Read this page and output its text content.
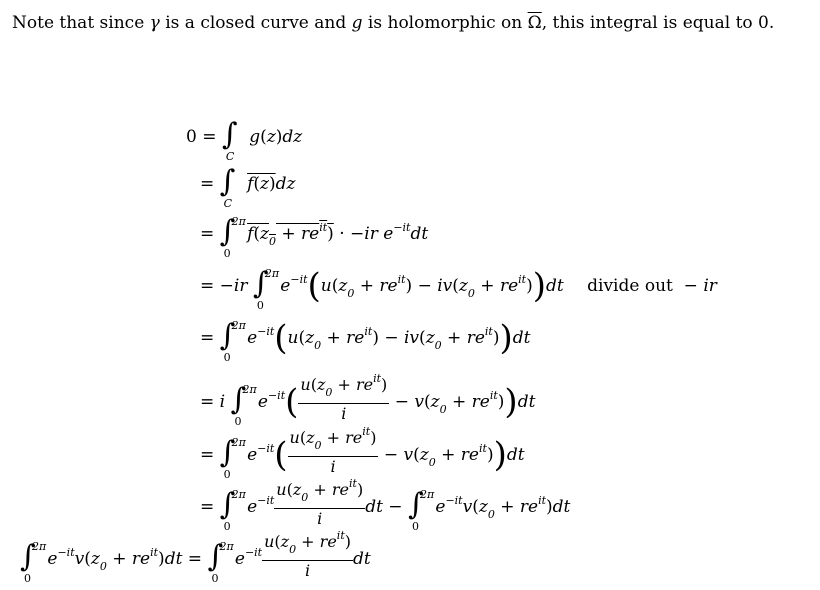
Note that since γ is a closed curve and g is holomorphic on $\overline{\Omega}$, this integral is equal to 0.
0 = ∫
C
g(z)dz
= ∫
C
f(z)dz
= ∫
2π
0
$f(z_0 + re^{it}) \cdot -ir$ $e^{-it}dt$
= −ir ∫
2π
0
$e^{-it}(u(z_0 + re^{it}) - iv(z_0 + re^{it}))dt$ divide out  − ir
= ∫
2π
0
$e^{-it}(u(z_0 + re^{it}) - iv(z_0 + re^{it}))dt$
= i ∫
2π
0
$e^{-it}( \frac{u(z_0 + re^{it})}{i} - v(z_0 + re^{it}))dt$
= ∫
2π
0
$e^{-it}( \frac{u(z_0 + re^{it})}{i} - v(z_0 + re^{it}))dt$
= ∫
2π
0
$e^{-it} \frac{u(z_0 + re^{it})}{i}$ dt − ∫
2π
0
$e^{-it}v(z_0 + re^{it})dt$
∫
2π
0
$e^{-it}v(z_0 + re^{it})dt$ = ∫
2π
0
$e^{-it} \frac{u(z_0 + re^{it})}{i}$ dt
